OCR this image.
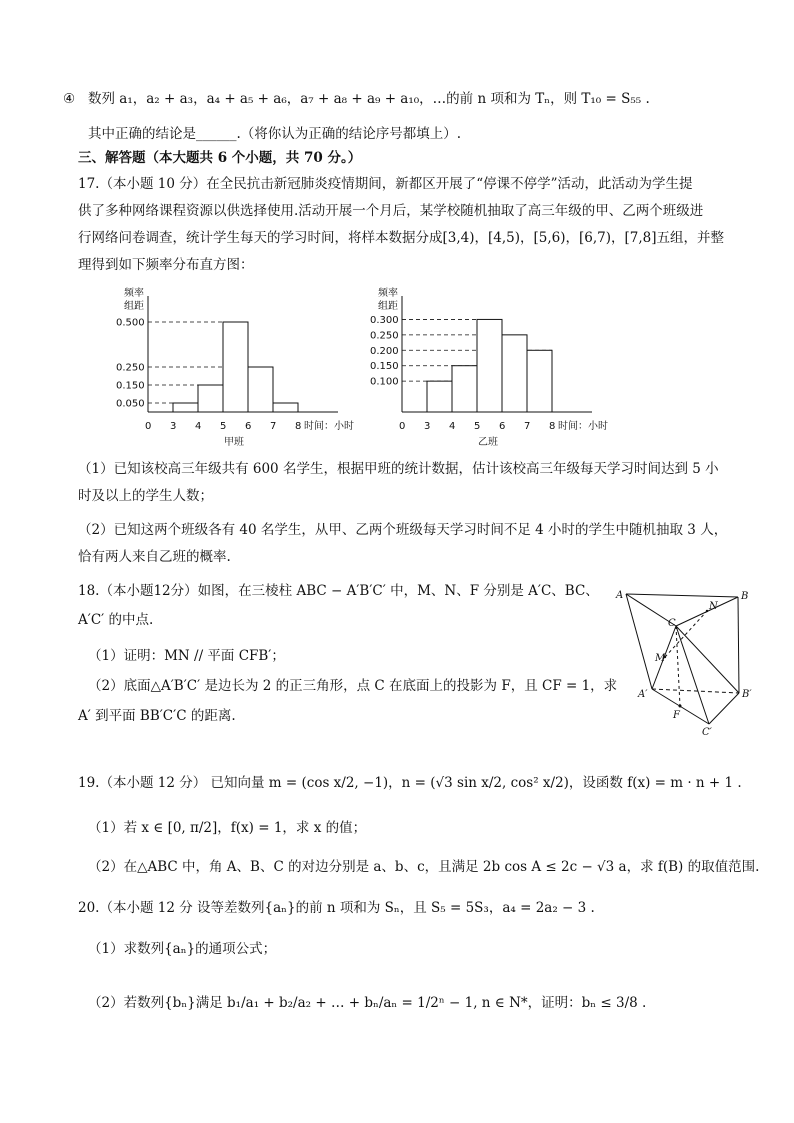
数列 a₁，a₂ + a₃，a₄ + a₅ + a₆，a₇ + a₈ + a₉ + a₁₀，…的前 n 项和为 Tₙ，则 T₁₀ = S₅₅ .
④
其中正确的结论是______.（将你认为正确的结论序号都填上）.
三、解答题（本大题共 6 个小题，共 70 分。）
17.（本小题 10 分）在全民抗击新冠肺炎疫情期间，新都区开展了“停课不停学”活动，此活动为学生提
供了多种网络课程资源以供选择使用.活动开展一个月后，某学校随机抽取了高三年级的甲、乙两个班级进
行网络问卷调查，统计学生每天的学习时间，将样本数据分成[3,4)，[4,5)，[5,6)，[6,7)，[7,8]五组，并整
理得到如下频率分布直方图：
频率
组距
0.500
0.250
0.150
0.050
0 3 4 5 6 7 8 时间：小时
甲班
频率
组距
0.300
0.250
0.200
0.150
0.100
0 3 4 5 6 7 8 时间：小时
乙班
（1）已知该校高三年级共有 600 名学生，根据甲班的统计数据，估计该校高三年级每天学习时间达到 5 小
时及以上的学生人数；
（2）已知这两个班级各有 40 名学生，从甲、乙两个班级每天学习时间不足 4 小时的学生中随机抽取 3 人，
恰有两人来自乙班的概率.
18.（本小题12分）如图，在三棱柱 ABC − A′B′C′ 中，M、N、F 分别是 A′C、BC、
A′C′ 的中点.
（1）证明：MN // 平面 CFB′；
（2）底面△A′B′C′ 是边长为 2 的正三角形，点 C 在底面上的投影为 F，且 CF = 1，求
A′ 到平面 BB′C′C 的距离.
A	B
C
N
M
A′	B′
C′
F
19.（本小题 12 分） 已知向量 m = (cos x/2, −1)，n = (√3 sin x/2, cos² x/2)，设函数 f(x) = m · n + 1 .
（1）若 x ∈ [0, π/2]，f(x) = 1，求 x 的值；
（2）在△ABC 中，角 A、B、C 的对边分别是 a、b、c，且满足 2b cos A ≤ 2c − √3 a，求 f(B) 的取值范围.
20.（本小题 12 分 设等差数列{aₙ}的前 n 项和为 Sₙ，且 S₅ = 5S₃，a₄ = 2a₂ − 3 .
（1）求数列{aₙ}的通项公式；
（2）若数列{bₙ}满足 b₁/a₁ + b₂/a₂ + … + bₙ/aₙ = 1/2ⁿ − 1, n ∈ N*，证明：bₙ ≤ 3/8 .
